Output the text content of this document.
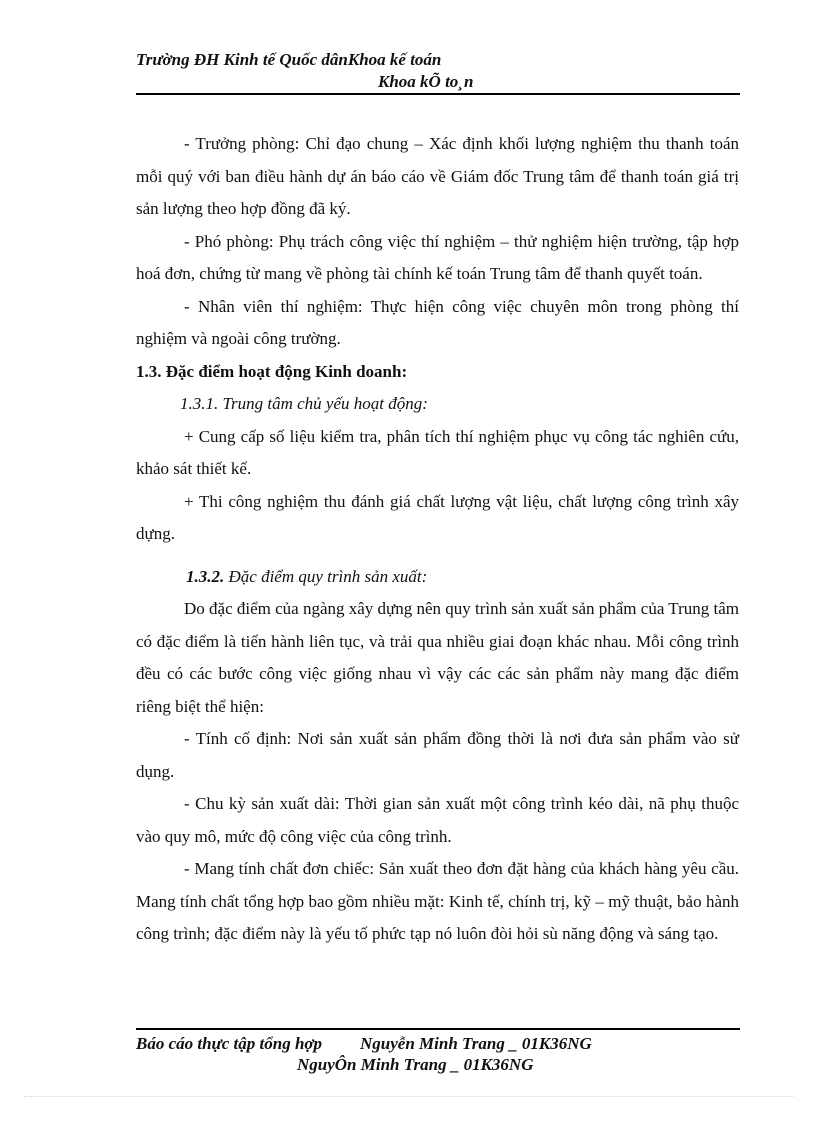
Trường ĐH Kinh tế Quốc dânKhoa kế toán
Khoa kÕ to¸n

- Trưởng phòng: Chỉ đạo chung – Xác định khối lượng nghiệm thu thanh toán mỗi quý với ban điều hành dự án báo cáo về Giám đốc Trung tâm để thanh toán giá trị sản lượng theo hợp đồng đã ký.

- Phó phòng: Phụ trách công việc thí nghiệm – thử nghiệm hiện trường, tập hợp hoá đơn, chứng từ mang về phòng tài chính kế toán Trung tâm để thanh quyết toán.

- Nhân viên thí nghiệm: Thực hiện công việc chuyên môn trong phòng thí nghiệm và ngoài công trường.

1.3. Đặc điểm hoạt động Kinh doanh:

1.3.1. Trung tâm chủ yếu hoạt động:

+ Cung cấp số liệu kiểm tra, phân tích thí nghiệm phục vụ công tác nghiên cứu, khảo sát thiết kế.

+ Thi công nghiệm thu đánh giá chất lượng vật liệu, chất lượng công trình xây dựng.

1.3.2. Đặc điểm quy trình sản xuất:

Do đặc điểm của ngàng xây dựng nên quy trình sản xuất sản phẩm của Trung tâm có đặc điểm là tiến hành liên tục, và trải qua nhiều giai đoạn khác nhau. Mỗi công trình đều có các bước công việc giống nhau vì vậy các các sản phẩm này mang đặc điểm riêng biệt thể hiện:

- Tính cố định: Nơi sản xuất sản phẩm đồng thời là nơi đưa sản phẩm vào sử dụng.

- Chu kỳ sản xuất dài: Thời gian sản xuất một công trình kéo dài, nã phụ thuộc vào quy mô, mức độ công việc của công trình.

- Mang tính chất đơn chiếc: Sản xuất theo đơn đặt hàng của khách hàng yêu cầu. Mang tính chất tổng hợp bao gồm nhiều mặt: Kinh tế, chính trị, kỹ – mỹ thuật, bảo hành công trình; đặc điểm này là yếu tố phức tạp nó luôn đòi hỏi sù năng động và sáng tạo.

Báo cáo thực tập tổng hợp Nguyễn Minh Trang _ 01K36NG
NguyÔn Minh Trang _ 01K36NG
